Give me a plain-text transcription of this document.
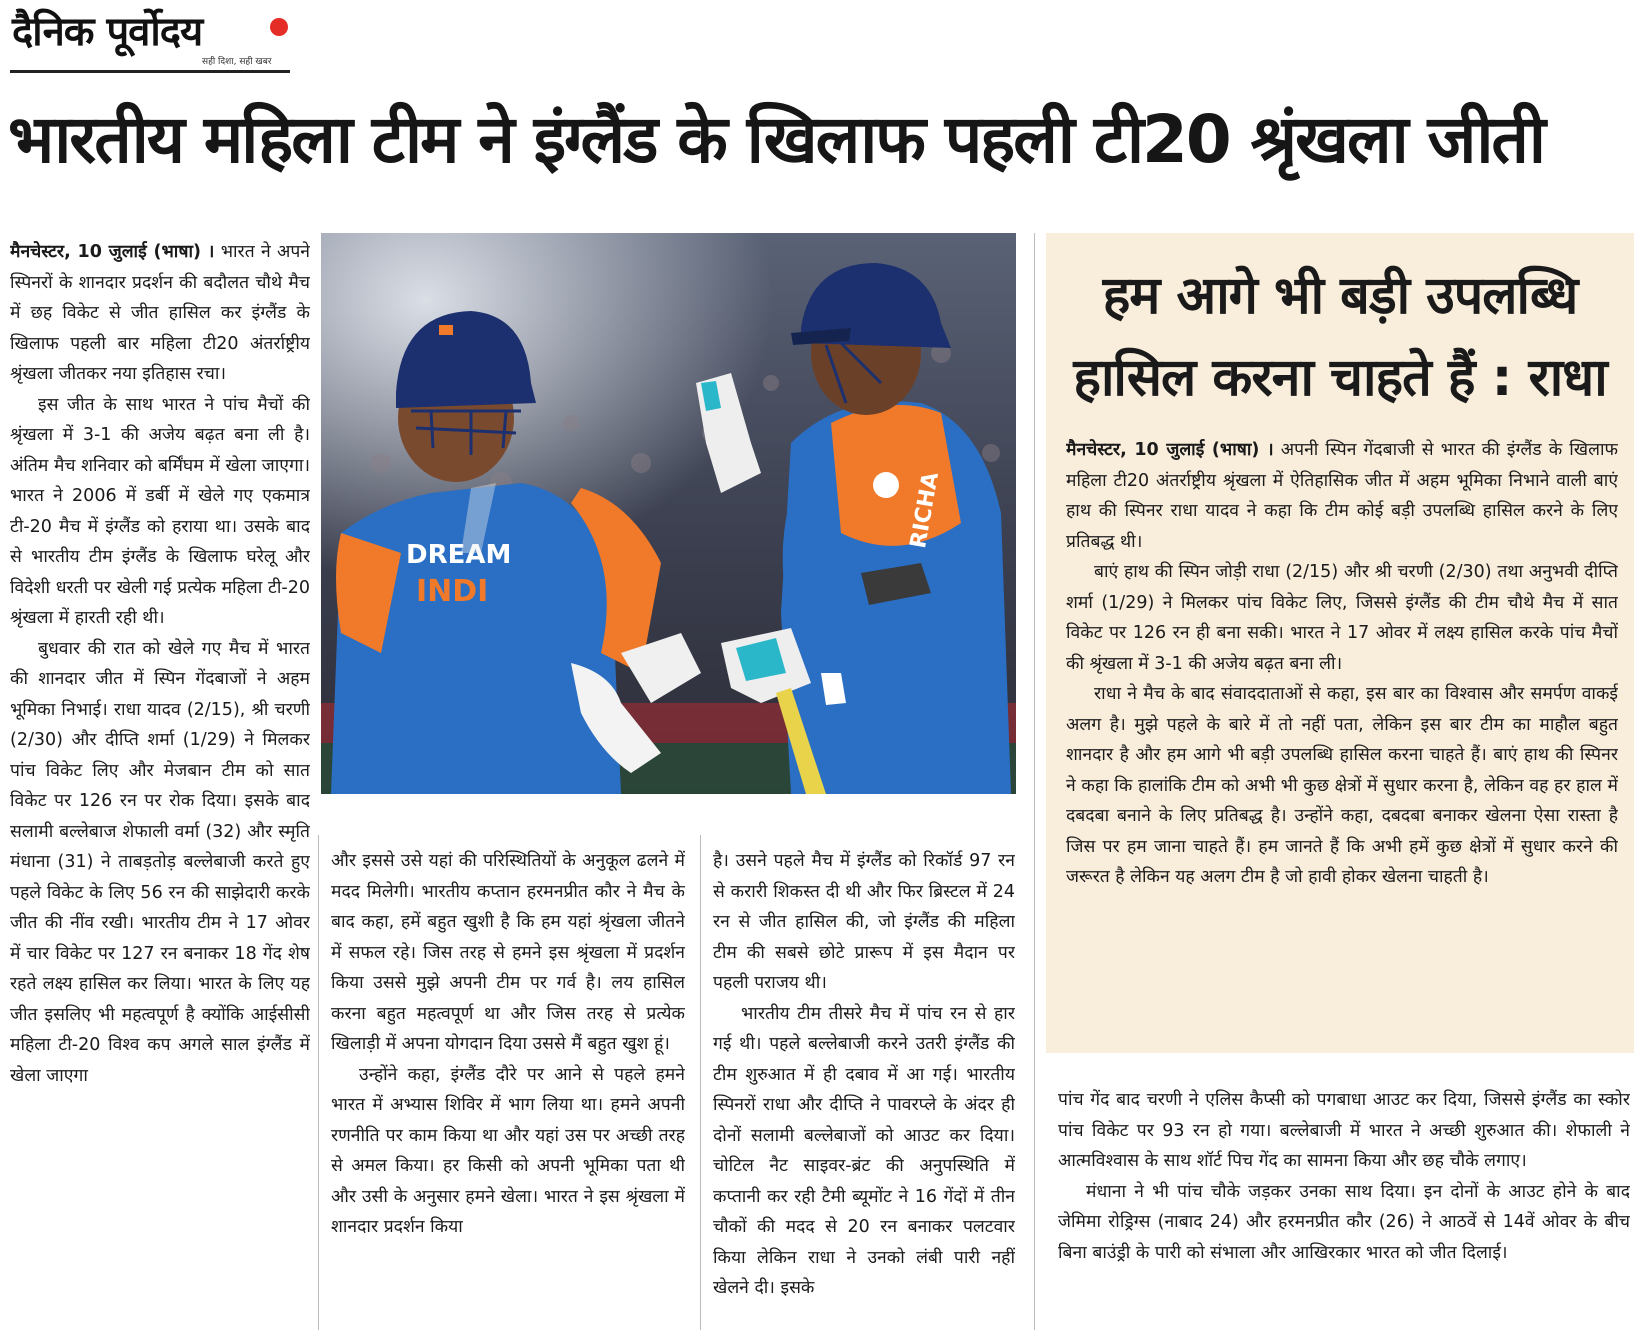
दैनिक पूर्वोदय
सही दिशा, सही खबर
भारतीय महिला टीम ने इंग्लैंड के खिलाफ पहली टी20 श्रृंखला जीती

मैनचेस्टर, 10 जुलाई (भाषा) । भारत ने अपने स्पिनरों के शानदार प्रदर्शन की बदौलत चौथे मैच में छह विकेट से जीत हासिल कर इंग्लैंड के खिलाफ पहली बार महिला टी20 अंतर्राष्ट्रीय श्रृंखला जीतकर नया इतिहास रचा।

इस जीत के साथ भारत ने पांच मैचों की श्रृंखला में 3-1 की अजेय बढ़त बना ली है। अंतिम मैच शनिवार को बर्मिंघम में खेला जाएगा। भारत ने 2006 में डर्बी में खेले गए एकमात्र टी-20 मैच में इंग्लैंड को हराया था। उसके बाद से भारतीय टीम इंग्लैंड के खिलाफ घरेलू और विदेशी धरती पर खेली गई प्रत्येक महिला टी-20 श्रृंखला में हारती रही थी।

बुधवार की रात को खेले गए मैच में भारत की शानदार जीत में स्पिन गेंदबाजों ने अहम भूमिका निभाई। राधा यादव (2/15), श्री चरणी (2/30) और दीप्ति शर्मा (1/29) ने मिलकर पांच विकेट लिए और मेजबान टीम को सात विकेट पर 126 रन पर रोक दिया। इसके बाद सलामी बल्लेबाज शेफाली वर्मा (32) और स्मृति मंधाना (31) ने ताबड़तोड़ बल्लेबाजी करते हुए पहले विकेट के लिए 56 रन की साझेदारी करके जीत की नींव रखी। भारतीय टीम ने 17 ओवर में चार विकेट पर 127 रन बनाकर 18 गेंद शेष रहते लक्ष्य हासिल कर लिया। भारत के लिए यह जीत इसलिए भी महत्वपूर्ण है क्योंकि आईसीसी महिला टी-20 विश्व कप अगले साल इंग्लैंड में खेला जाएगा

DREAM
INDI
RICHA

और इससे उसे यहां की परिस्थितियों के अनुकूल ढलने में मदद मिलेगी। भारतीय कप्तान हरमनप्रीत कौर ने मैच के बाद कहा, हमें बहुत खुशी है कि हम यहां श्रृंखला जीतने में सफल रहे। जिस तरह से हमने इस श्रृंखला में प्रदर्शन किया उससे मुझे अपनी टीम पर गर्व है। लय हासिल करना बहुत महत्वपूर्ण था और जिस तरह से प्रत्येक खिलाड़ी में अपना योगदान दिया उससे मैं बहुत खुश हूं।

उन्होंने कहा, इंग्लैंड दौरे पर आने से पहले हमने भारत में अभ्यास शिविर में भाग लिया था। हमने अपनी रणनीति पर काम किया था और यहां उस पर अच्छी तरह से अमल किया। हर किसी को अपनी भूमिका पता थी और उसी के अनुसार हमने खेला। भारत ने इस श्रृंखला में शानदार प्रदर्शन किया

है। उसने पहले मैच में इंग्लैंड को रिकॉर्ड 97 रन से करारी शिकस्त दी थी और फिर ब्रिस्टल में 24 रन से जीत हासिल की, जो इंग्लैंड की महिला टीम की सबसे छोटे प्रारूप में इस मैदान पर पहली पराजय थी।

भारतीय टीम तीसरे मैच में पांच रन से हार गई थी। पहले बल्लेबाजी करने उतरी इंग्लैंड की टीम शुरुआत में ही दबाव में आ गई। भारतीय स्पिनरों राधा और दीप्ति ने पावरप्ले के अंदर ही दोनों सलामी बल्लेबाजों को आउट कर दिया। चोटिल नैट साइवर-ब्रंट की अनुपस्थिति में कप्तानी कर रही टैमी ब्यूमोंट ने 16 गेंदों में तीन चौकों की मदद से 20 रन बनाकर पलटवार किया लेकिन राधा ने उनको लंबी पारी नहीं खेलने दी। इसके

हम आगे भी बड़ी उपलब्धि
हासिल करना चाहते हैं : राधा

मैनचेस्टर, 10 जुलाई (भाषा) । अपनी स्पिन गेंदबाजी से भारत की इंग्लैंड के खिलाफ महिला टी20 अंतर्राष्ट्रीय श्रृंखला में ऐतिहासिक जीत में अहम भूमिका निभाने वाली बाएं हाथ की स्पिनर राधा यादव ने कहा कि टीम कोई बड़ी उपलब्धि हासिल करने के लिए प्रतिबद्ध थी।

बाएं हाथ की स्पिन जोड़ी राधा (2/15) और श्री चरणी (2/30) तथा अनुभवी दीप्ति शर्मा (1/29) ने मिलकर पांच विकेट लिए, जिससे इंग्लैंड की टीम चौथे मैच में सात विकेट पर 126 रन ही बना सकी। भारत ने 17 ओवर में लक्ष्य हासिल करके पांच मैचों की श्रृंखला में 3-1 की अजेय बढ़त बना ली।

राधा ने मैच के बाद संवाददाताओं से कहा, इस बार का विश्वास और समर्पण वाकई अलग है। मुझे पहले के बारे में तो नहीं पता, लेकिन इस बार टीम का माहौल बहुत शानदार है और हम आगे भी बड़ी उपलब्धि हासिल करना चाहते हैं। बाएं हाथ की स्पिनर ने कहा कि हालांकि टीम को अभी भी कुछ क्षेत्रों में सुधार करना है, लेकिन वह हर हाल में दबदबा बनाने के लिए प्रतिबद्ध है। उन्होंने कहा, दबदबा बनाकर खेलना ऐसा रास्ता है जिस पर हम जाना चाहते हैं। हम जानते हैं कि अभी हमें कुछ क्षेत्रों में सुधार करने की जरूरत है लेकिन यह अलग टीम है जो हावी होकर खेलना चाहती है।

पांच गेंद बाद चरणी ने एलिस कैप्सी को पगबाधा आउट कर दिया, जिससे इंग्लैंड का स्कोर पांच विकेट पर 93 रन हो गया। बल्लेबाजी में भारत ने अच्छी शुरुआत की। शेफाली ने आत्मविश्वास के साथ शॉर्ट पिच गेंद का सामना किया और छह चौके लगाए।

मंधाना ने भी पांच चौके जड़कर उनका साथ दिया। इन दोनों के आउट होने के बाद जेमिमा रोड्रिग्स (नाबाद 24) और हरमनप्रीत कौर (26) ने आठवें से 14वें ओवर के बीच बिना बाउंड्री के पारी को संभाला और आखिरकार भारत को जीत दिलाई।
